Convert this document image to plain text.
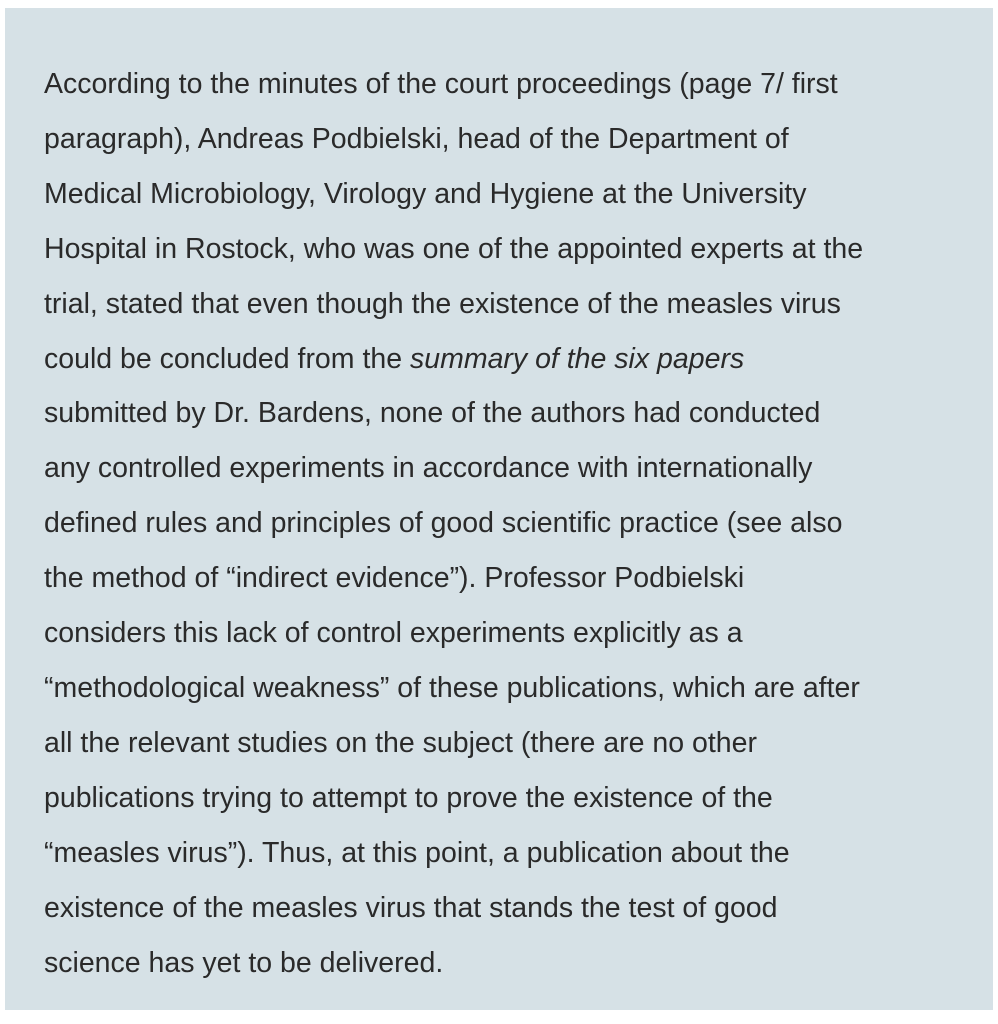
According to the minutes of the court proceedings (page 7/ first
paragraph), Andreas Podbielski, head of the Department of
Medical Microbiology, Virology and Hygiene at the University
Hospital in Rostock, who was one of the appointed experts at the
trial, stated that even though the existence of the measles virus
could be concluded from the summary of the six papers
submitted by Dr. Bardens, none of the authors had conducted
any controlled experiments in accordance with internationally
defined rules and principles of good scientific practice (see also
the method of “indirect evidence”). Professor Podbielski
considers this lack of control experiments explicitly as a
“methodological weakness” of these publications, which are after
all the relevant studies on the subject (there are no other
publications trying to attempt to prove the existence of the
“measles virus”). Thus, at this point, a publication about the
existence of the measles virus that stands the test of good
science has yet to be delivered.
